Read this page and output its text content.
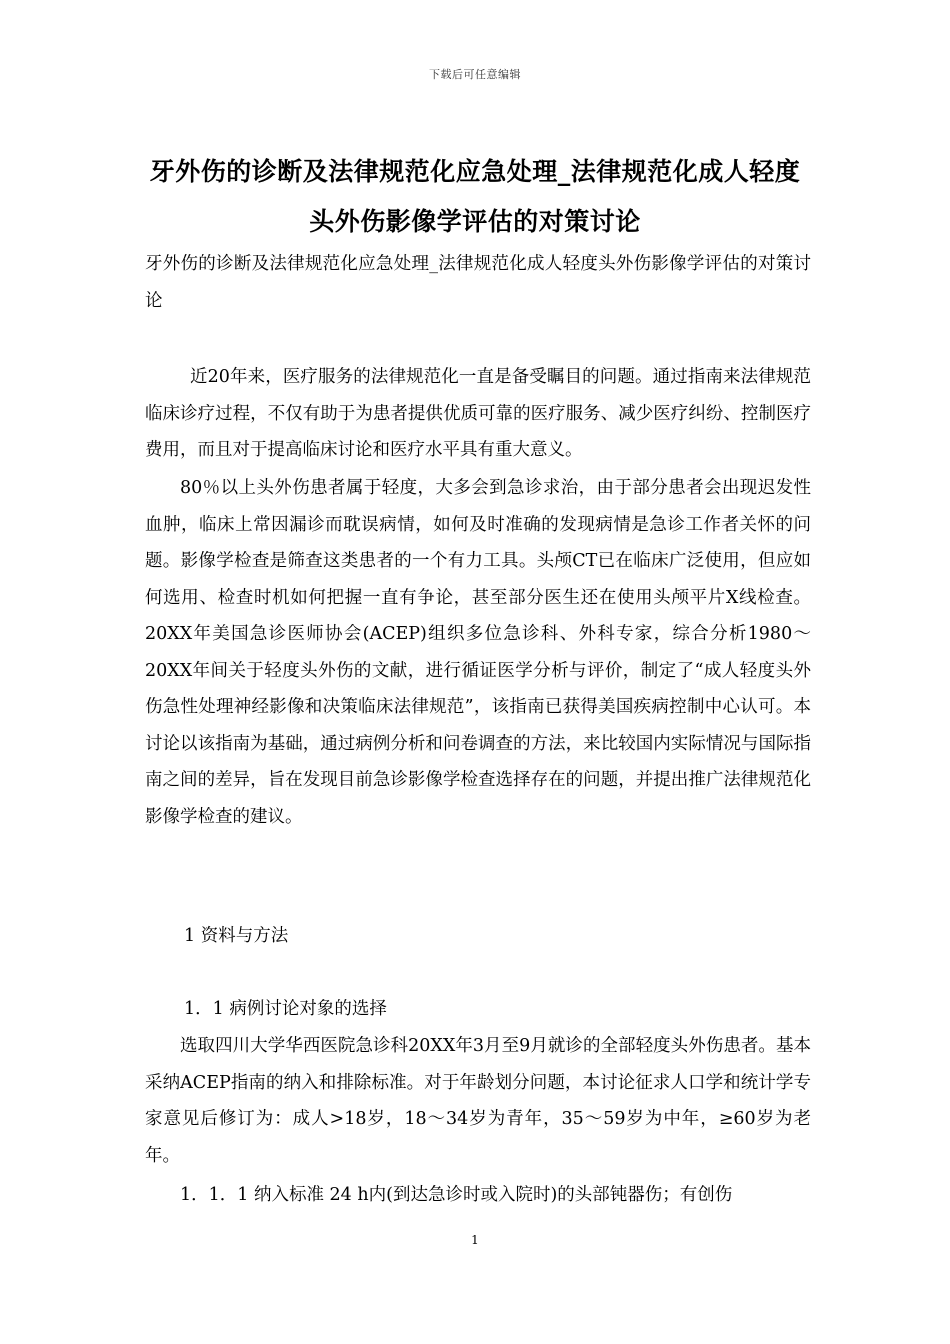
下载后可任意编辑
牙外伤的诊断及法律规范化应急处理_法律规范化成人轻度
头外伤影像学评估的对策讨论

牙外伤的诊断及法律规范化应急处理_法律规范化成人轻度头外伤影像学评估的对策讨论

近20年来，医疗服务的法律规范化一直是备受瞩目的问题。通过指南来法律规范临床诊疗过程，不仅有助于为患者提供优质可靠的医疗服务、减少医疗纠纷、控制医疗费用，而且对于提高临床讨论和医疗水平具有重大意义。

80％以上头外伤患者属于轻度，大多会到急诊求治，由于部分患者会出现迟发性血肿，临床上常因漏诊而耽误病情，如何及时准确的发现病情是急诊工作者关怀的问题。影像学检查是筛查这类患者的一个有力工具。头颅CT已在临床广泛使用，但应如何选用、检查时机如何把握一直有争论，甚至部分医生还在使用头颅平片X线检查。20XX年美国急诊医师协会(ACEP)组织多位急诊科、外科专家，综合分析1980～20XX年间关于轻度头外伤的文献，进行循证医学分析与评价，制定了“成人轻度头外伤急性处理神经影像和决策临床法律规范”，该指南已获得美国疾病控制中心认可。本讨论以该指南为基础，通过病例分析和问卷调查的方法，来比较国内实际情况与国际指南之间的差异，旨在发现目前急诊影像学检查选择存在的问题，并提出推广法律规范化影像学检查的建议。

1 资料与方法
1．1 病例讨论对象的选择

选取四川大学华西医院急诊科20XX年3月至9月就诊的全部轻度头外伤患者。基本采纳ACEP指南的纳入和排除标准。对于年龄划分问题，本讨论征求人口学和统计学专家意见后修订为：成人>18岁，18～34岁为青年，35～59岁为中年，≥60岁为老年。

1．1．1 纳入标准 24 h内(到达急诊时或入院时)的头部钝器伤；有创伤

1
